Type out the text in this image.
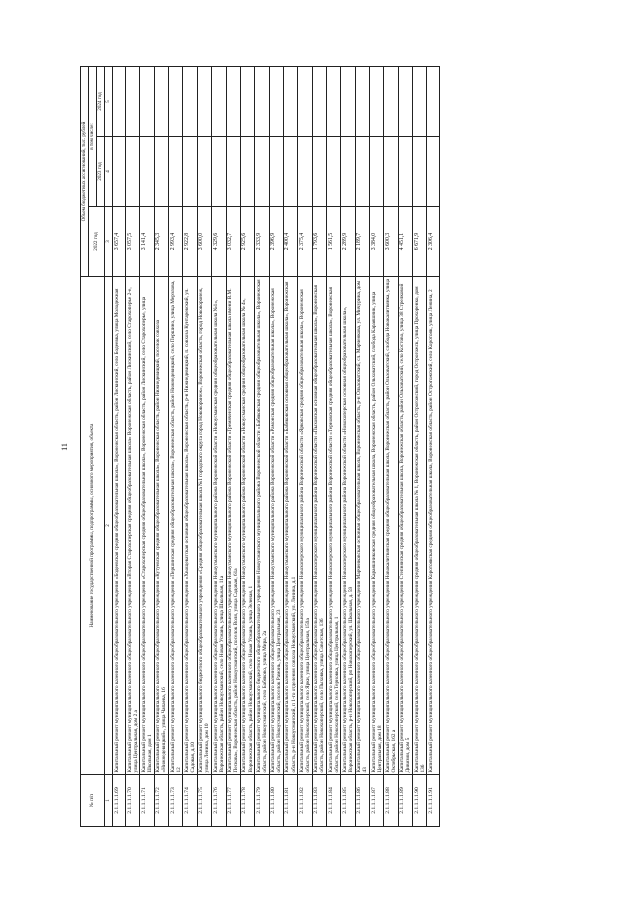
11
№ п/п	Наименование государственной программы, подпрограммы, основного мероприятия, объекта	Объем бюджетных ассигнований, тыс. рублей		
		2022 год	в том числе:	
			2023 год	2024 год
1	2	3	4	5
2.1.1.1.1.69	Капитальный ремонт муниципального казенного общеобразовательного учреждения «Бодеевская средняя общеобразовательная школа», Воронежская область, район Лискинский, село Бодеевка, улица Молодежная	3 657,4		
2.1.1.1.1.70	Капитальный ремонт муниципального казенного общеобразовательного учреждения «Вторая Старохоперская средняя общеобразовательная школа» Воронежская область, район Лискинский, село Старохоперье 2-е, улица Центральная, дом 2 а	3 057,5		
2.1.1.1.1.71	Капитальный ремонт муниципального казенного общеобразовательного учреждения «Старохоперская средняя общеобразовательная школа», Воронежская область, район Лискинский, село Старохоперье, улица Школьная, дом 1	3 141,4		
2.1.1.1.1.72	Капитальный ремонт муниципального казенного общеобразовательного учреждения «Кутуевская средняя общеобразовательная школа», Воронежская область, район Нижнедевицкий, поселок совхоза «Нижнедевицкий», улица Чапаева, 16	2 345,3		
2.1.1.1.1.73	Капитальный ремонт муниципального казенного общеобразовательного учреждения «Першинская средняя общеобразовательная школа», Воронежская область, район Нижнедевицкий, село Першино, улица Мерзлова, 12	2 993,4		
2.1.1.1.1.74	Капитальный ремонт муниципального казенного общеобразовательного учреждения «Хвощеватская основная общеобразовательная школа», Воронежская область, р-н Нижнедевицкий, п. совхоза Кунтаревский, ул. Садовая, д.10	2 922,8		
2.1.1.1.1.75	Капитальный ремонт муниципального бюджетного общеобразовательного учреждения «Средняя общеобразовательная школа №1 городского округа город Нововоронеж», Воронежская область, город Нововоронеж, улица Ленина, дом 10	3 600,0		
2.1.1.1.1.76	Капитальный ремонт муниципального казенного общеобразовательного учреждения Новоусманского муниципального района Воронежской области «Новоусманская средняя общеобразовательная школа №1», Воронежская область, район Новоусманский, село Новая Усмань, улица Школьная, 11а	4 329,6		
2.1.1.1.1.77	Капитальный ремонт муниципального казенного общеобразовательного учреждения Новоусманского муниципального района Воронежской области «Гремяченская средняя общеобразовательная школа имени В.М. Пескова», Воронежская область, район Новоусманский, поселок Воля, улица Садовая, 61а	3 032,7		
2.1.1.1.1.78	Капитальный ремонт муниципального казенного общеобразовательного учреждения Новоусманского муниципального района Воронежской области «Новоусманская средняя общеобразовательная школа № 4», Воронежская область, район Новоусманский, село Новая Усмань, улица Зеленая, 1	2 925,6		
2.1.1.1.1.79	Капитальный ремонт муниципального бюджетного общеобразовательного учреждения Новоусманского муниципального района Воронежской области «Бабяковская средняя общеобразовательная школа», Воронежская область, район Новоусманский, село Бабяково, улица Мира, 2а	2 333,9		
2.1.1.1.1.80	Капитальный ремонт муниципального казенного общеобразовательного учреждения Новоусманского муниципального района Воронежской области «Рамонская средняя общеобразовательная школа», Воронежская область, район Новоусманский, поселок Рамонь, улица Центральная, 23	2 396,9		
2.1.1.1.1.81	Капитальный ремонт муниципального казенного общеобразовательного учреждения Новоусманского муниципального района Воронежской области «Бабяковская основная общеобразовательная школа», Воронежская область, р-н Новоусманский, п 1-го отделения совхоза Новоусманский, ул. Ленина, д.1	2 400,4		
2.1.1.1.1.82	Капитальный ремонт муниципального казенного общеобразовательного учреждения Новохоперского муниципального района Воронежской области «Ярковская средняя общеобразовательная школа», Воронежская область, район Новохоперский, село Ярки, улица Центральная, 159а	2 375,4		
2.1.1.1.1.83	Капитальный ремонт муниципального казенного общеобразовательного учреждения Новохоперского муниципального района Воронежской области «Пыховская основная общеобразовательная школа», Воронежская область, район Новохоперский, село Пыховка, улица Советская, 136	1 793,6		
2.1.1.1.1.84	Капитальный ремонт муниципального казенного общеобразовательного учреждения Новохоперского муниципального района Воронежской области «Терновская средняя общеобразовательная школа», Воронежская область, район Новохоперский, село Терновка, улица Центральная, 1	1 561,5		
2.1.1.1.1.85	Капитальный ремонт муниципального казенного общеобразовательного учреждения Новохоперского муниципального района Воронежской области «Новохоперская основная общеобразовательная школа», Воронежская область, р-н Новохоперский, рп Новохоперский, ул. Школьная, д. 59	2 289,9		
2.1.1.1.1.86	Капитальный ремонт муниципального казенного общеобразовательного учреждения Марченковская основная общеобразовательная школа, Воронежская область, р-н Ольховатский, сл. Марченкова, ул. Мичурина, дом 43	2 189,7		
2.1.1.1.1.87	Капитальный ремонт муниципального казенного общеобразовательного учреждения Караяшниковская средняя общеобразовательная школа, Воронежская область, район Ольховатский, слобода Караяшник, улица Центральная, дом 18	3 384,0		
2.1.1.1.1.88	Капитальный ремонт муниципального казенного общеобразовательного учреждения Новокалитвянская средняя общеобразовательная школа, Воронежская область, район Ольховатский, слобода Новокалитвянка, улица Октябрьская, 162 а	3 600,3		
2.1.1.1.1.89	Капитальный ремонт муниципального казенного общеобразовательного учреждения Степнянская средняя общеобразовательная школа, Воронежская область, район Ольховатский, село Костово, улица 38 Стрелковой Дивизии, дом 5	4 451,1		
2.1.1.1.1.90	Капитальный ремонт муниципального казенного общеобразовательного учреждения средняя общеобразовательная школа № 1, Воронежская область, район Острогожский, город Острогожск, улица Прохоренко, дом 136	6 671,9		
2.1.1.1.1.91	Капитальный ремонт муниципального казенного общеобразовательного учреждения Коротоякская средняя общеобразовательная школа, Воронежская область, район Острогожский, село Коротояк, улица Ленина, 2	2 306,4		
